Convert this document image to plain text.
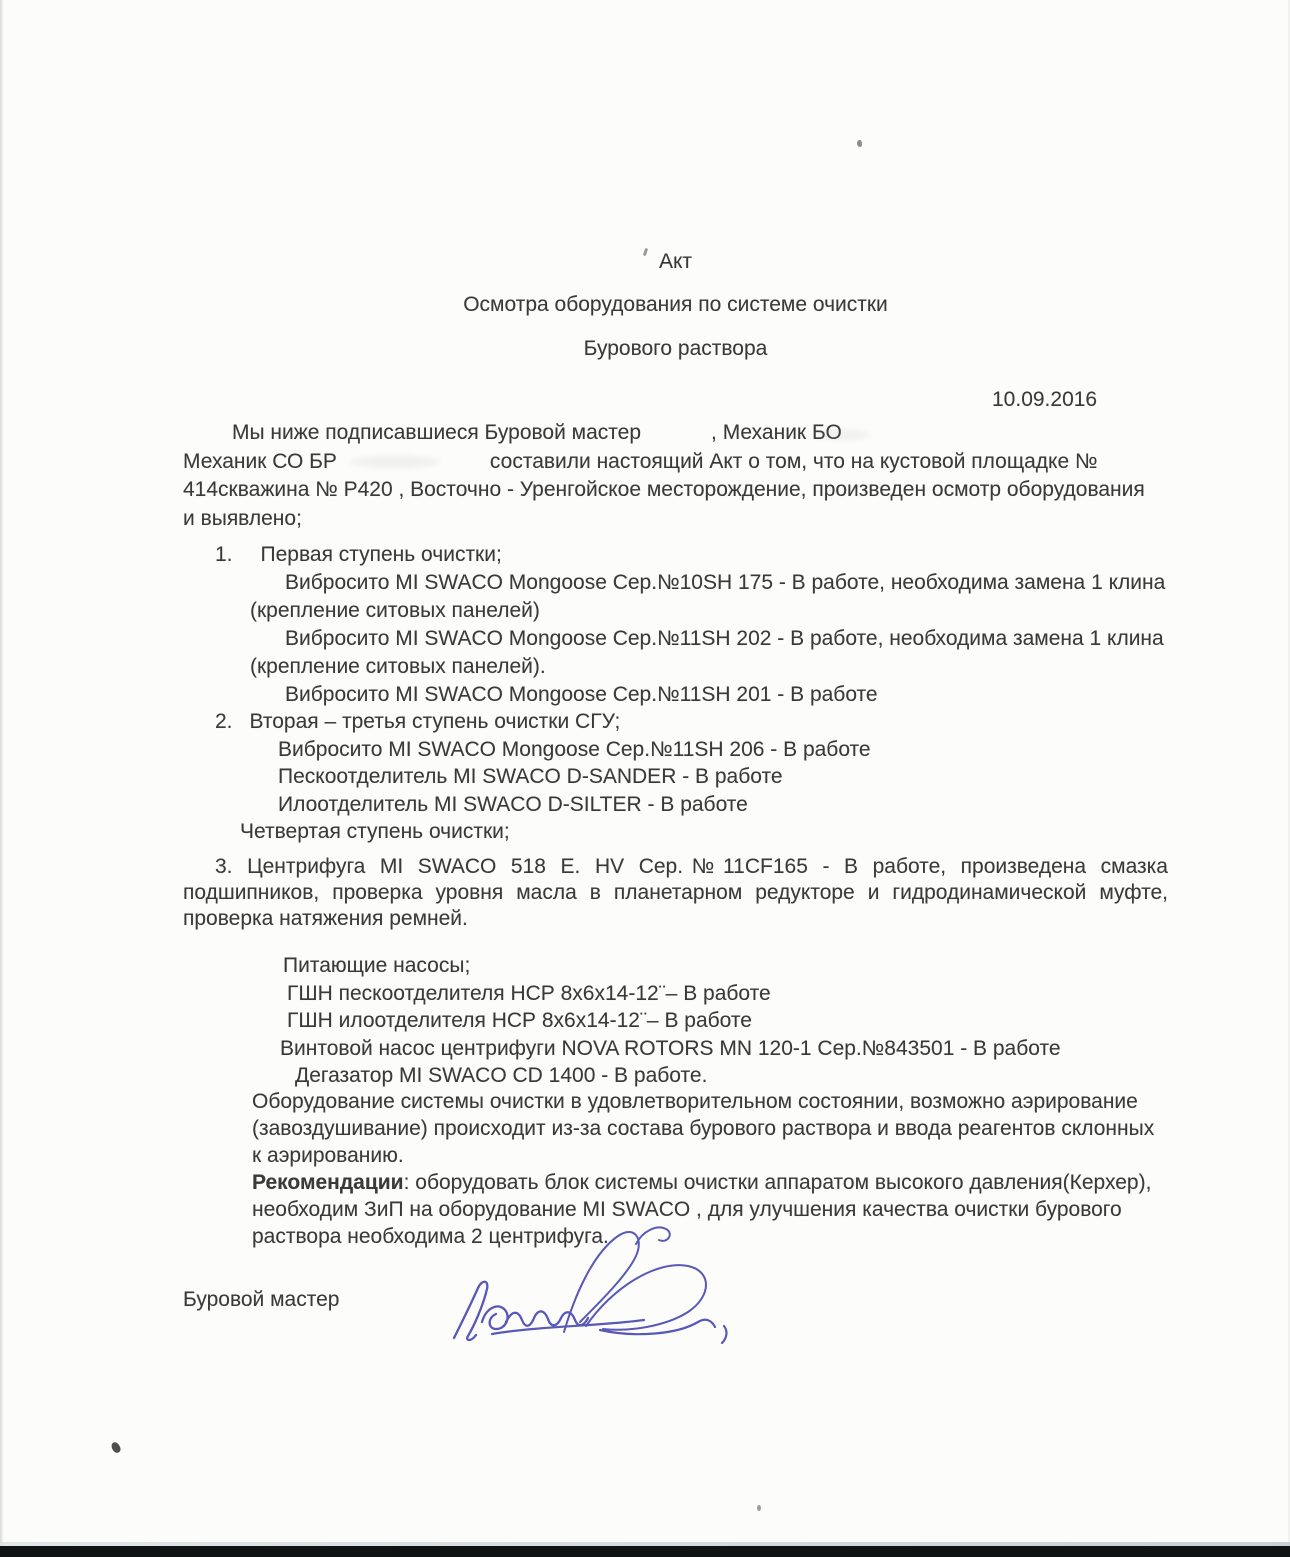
Акт
Осмотра оборудования по системе очистки
Бурового раствора
10.09.2016
Мы ниже подписавшиеся Буровой мастер	, Механик БО
Механик СО БР	составили настоящий Акт о том, что на кустовой площадке №
414скважина № Р420 , Восточно - Уренгойское месторождение, произведен осмотр оборудования
и выявлено;
1. Первая ступень очистки;
Вибросито MI SWACO Mongoose Сер.№10SH 175 - В работе, необходима замена 1 клина
(крепление ситовых панелей)
Вибросито MI SWACO Mongoose Сер.№11SH 202 - В работе, необходима замена 1 клина
(крепление ситовых панелей).
Вибросито MI SWACO Mongoose Сер.№11SH 201 - В работе
2. Вторая – третья ступень очистки СГУ;
Вибросито MI SWACO Mongoose Сер.№11SH 206 - В работе
Пескоотделитель MI SWACO D-SANDER - В работе
Илоотделитель MI SWACO D-SILTER - В работе
Четвертая ступень очистки;
3. Центрифуга MI SWACO 518 E. HV Сер.№11CF165 - В работе, произведена смазка
подшипников, проверка уровня масла в планетарном редукторе и гидродинамической муфте,
проверка натяжения ремней.
Питающие насосы;
ГШН пескоотделителя НСР 8х6х14-12¨– В работе
ГШН илоотделителя НСР 8х6х14-12¨– В работе
Винтовой насос центрифуги NOVA ROTORS MN 120-1 Сер.№843501 - В работе
Дегазатор MI SWACO CD 1400 - В работе.
Оборудование системы очистки в удовлетворительном состоянии, возможно аэрирование
(завоздушивание) происходит из-за состава бурового раствора и ввода реагентов склонных
к аэрированию.
Рекомендации: оборудовать блок системы очистки аппаратом высокого давления(Керхер),
необходим ЗиП на оборудование MI SWACO , для улучшения качества очистки бурового
раствора необходима 2 центрифуга.
Буровой мастер
